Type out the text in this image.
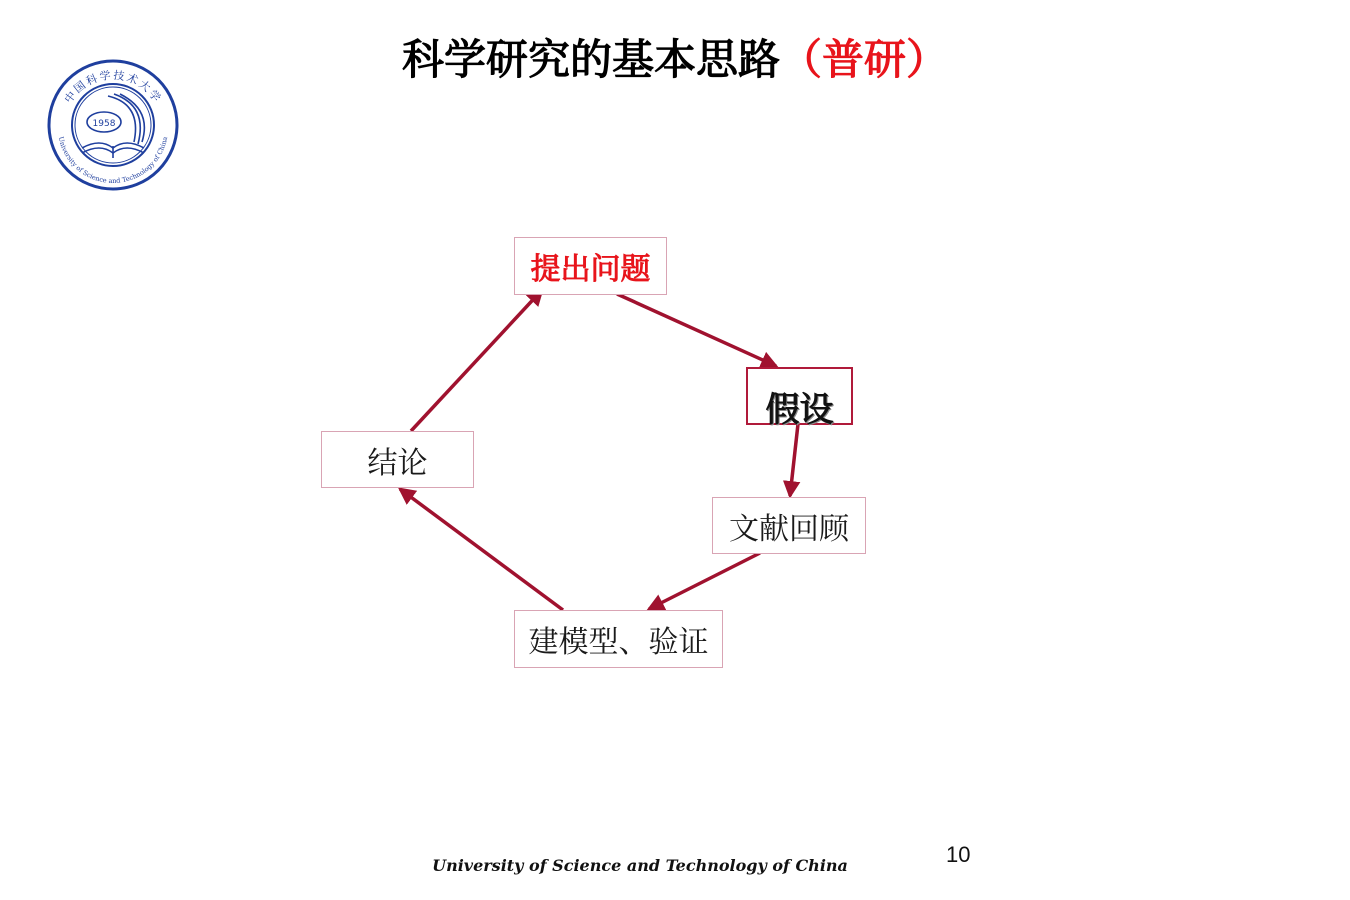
科学研究的基本思路（普研）
中国科学技术大学
University of Science and Technology of China
1958
提出问题
假设
文献回顾
建模型、验证
结论
10
University of Science and Technology of China
